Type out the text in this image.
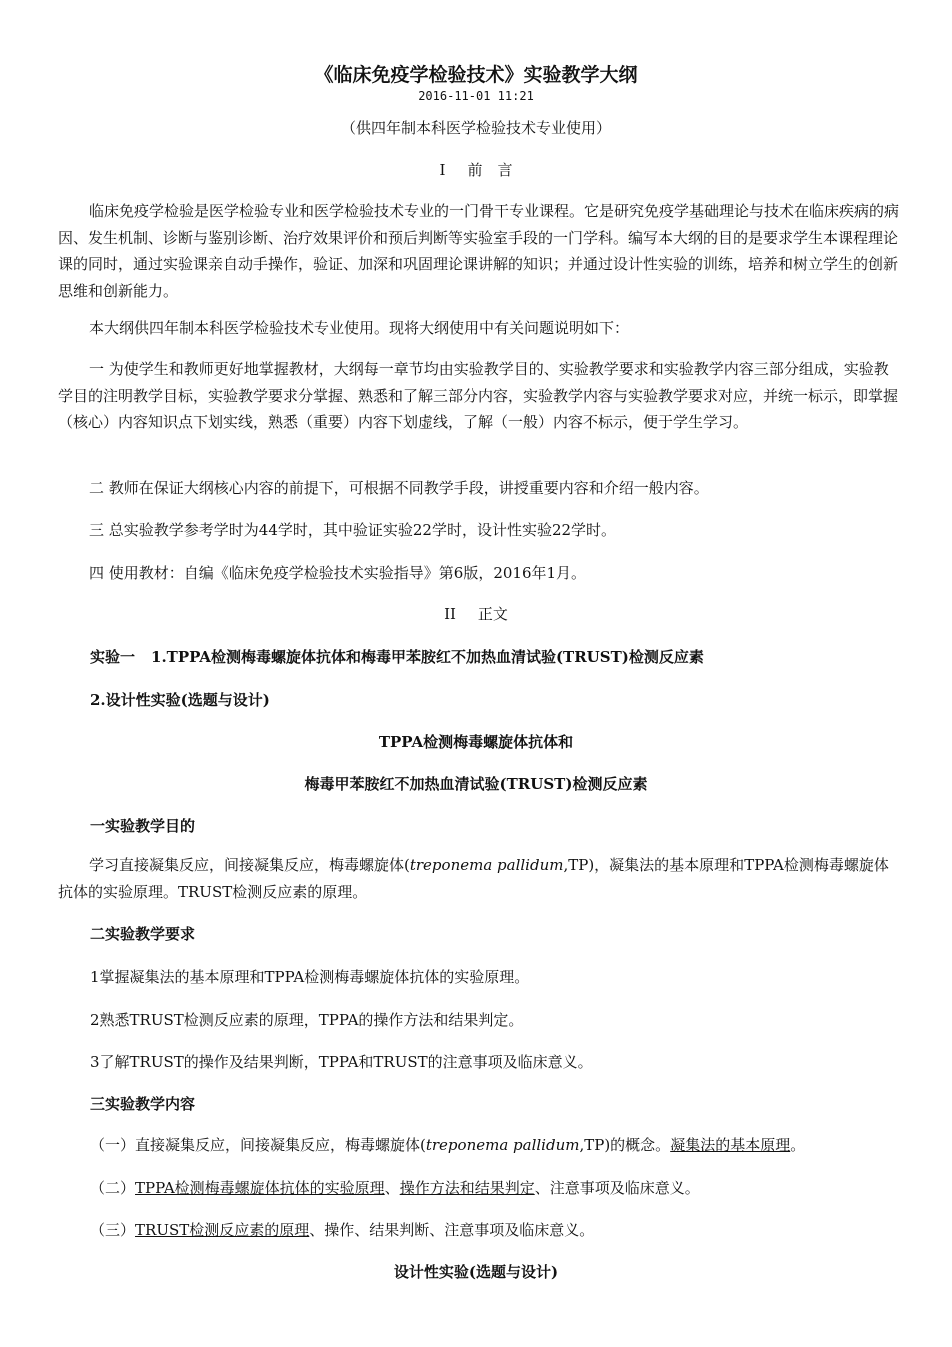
《临床免疫学检验技术》实验教学大纲
2016-11-01 11:21
（供四年制本科医学检验技术专业使用）
I 前　言
临床免疫学检验是医学检验专业和医学检验技术专业的一门骨干专业课程。它是研究免疫学基础理论与技术在临床疾病的病因、发生机制、诊断与鉴别诊断、治疗效果评价和预后判断等实验室手段的一门学科。编写本大纲的目的是要求学生本课程理论课的同时，通过实验课亲自动手操作，验证、加深和巩固理论课讲解的知识；并通过设计性实验的训练，培养和树立学生的创新思维和创新能力。
本大纲供四年制本科医学检验技术专业使用。现将大纲使用中有关问题说明如下：
一 为使学生和教师更好地掌握教材，大纲每一章节均由实验教学目的、实验教学要求和实验教学内容三部分组成，实验教学目的注明教学目标，实验教学要求分掌握、熟悉和了解三部分内容，实验教学内容与实验教学要求对应，并统一标示，即掌握（核心）内容知识点下划实线，熟悉（重要）内容下划虚线，了解（一般）内容不标示，便于学生学习。
二 教师在保证大纲核心内容的前提下，可根据不同教学手段，讲授重要内容和介绍一般内容。
三 总实验教学参考学时为44学时，其中验证实验22学时，设计性实验22学时。
四 使用教材：自编《临床免疫学检验技术实验指导》第6版，2016年1月。
II 正文
实验一 1.TPPA检测梅毒螺旋体抗体和梅毒甲苯胺红不加热血清试验(TRUST)检测反应素
2.设计性实验(选题与设计)
TPPA检测梅毒螺旋体抗体和
梅毒甲苯胺红不加热血清试验(TRUST)检测反应素
一实验教学目的
学习直接凝集反应，间接凝集反应，梅毒螺旋体(treponema pallidum,TP)，凝集法的基本原理和TPPA检测梅毒螺旋体抗体的实验原理。TRUST检测反应素的原理。
二实验教学要求
1掌握凝集法的基本原理和TPPA检测梅毒螺旋体抗体的实验原理。
2熟悉TRUST检测反应素的原理，TPPA的操作方法和结果判定。
3了解TRUST的操作及结果判断，TPPA和TRUST的注意事项及临床意义。
三实验教学内容
（一）直接凝集反应，间接凝集反应，梅毒螺旋体(treponema pallidum,TP)的概念。凝集法的基本原理。
（二）TPPA检测梅毒螺旋体抗体的实验原理、操作方法和结果判定、注意事项及临床意义。
（三）TRUST检测反应素的原理、操作、结果判断、注意事项及临床意义。
设计性实验(选题与设计)
